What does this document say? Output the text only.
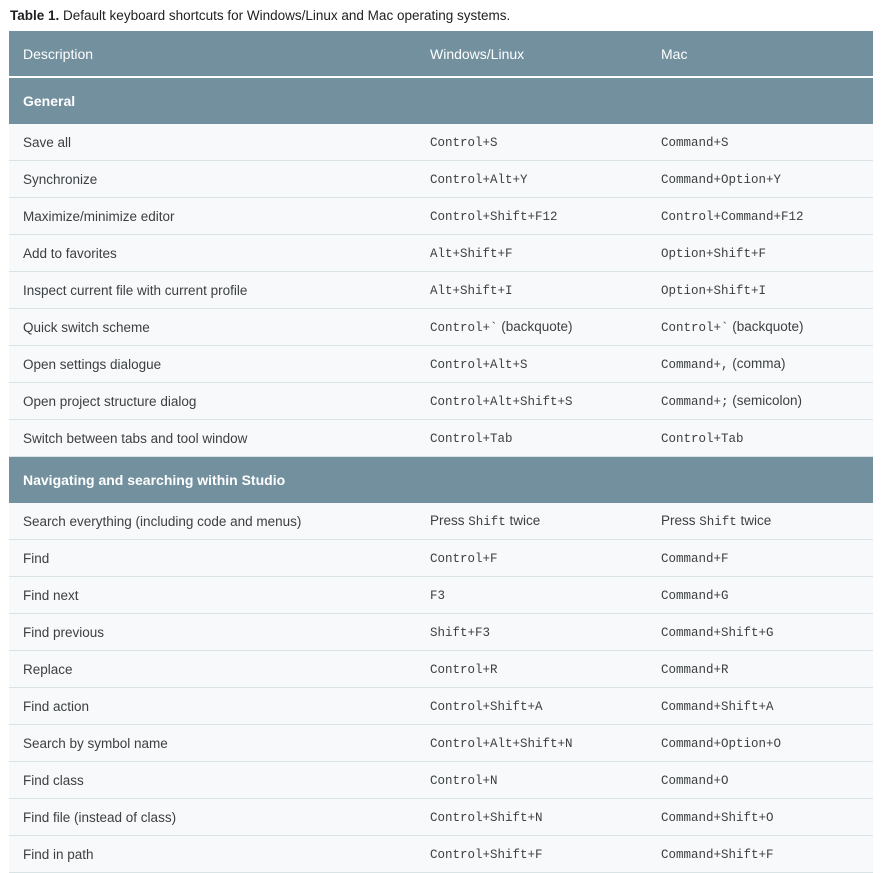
Table 1. Default keyboard shortcuts for Windows/Linux and Mac operating systems.
Description	Windows/Linux	Mac
General		
Save all	Control+S	Command+S
Synchronize	Control+Alt+Y	Command+Option+Y
Maximize/minimize editor	Control+Shift+F12	Control+Command+F12
Add to favorites	Alt+Shift+F	Option+Shift+F
Inspect current file with current profile	Alt+Shift+I	Option+Shift+I
Quick switch scheme	Control+` (backquote)	Control+` (backquote)
Open settings dialogue	Control+Alt+S	Command+, (comma)
Open project structure dialog	Control+Alt+Shift+S	Command+; (semicolon)
Switch between tabs and tool window	Control+Tab	Control+Tab
Navigating and searching within Studio		
Search everything (including code and menus)	Press Shift twice	Press Shift twice
Find	Control+F	Command+F
Find next	F3	Command+G
Find previous	Shift+F3	Command+Shift+G
Replace	Control+R	Command+R
Find action	Control+Shift+A	Command+Shift+A
Search by symbol name	Control+Alt+Shift+N	Command+Option+O
Find class	Control+N	Command+O
Find file (instead of class)	Control+Shift+N	Command+Shift+O
Find in path	Control+Shift+F	Command+Shift+F
